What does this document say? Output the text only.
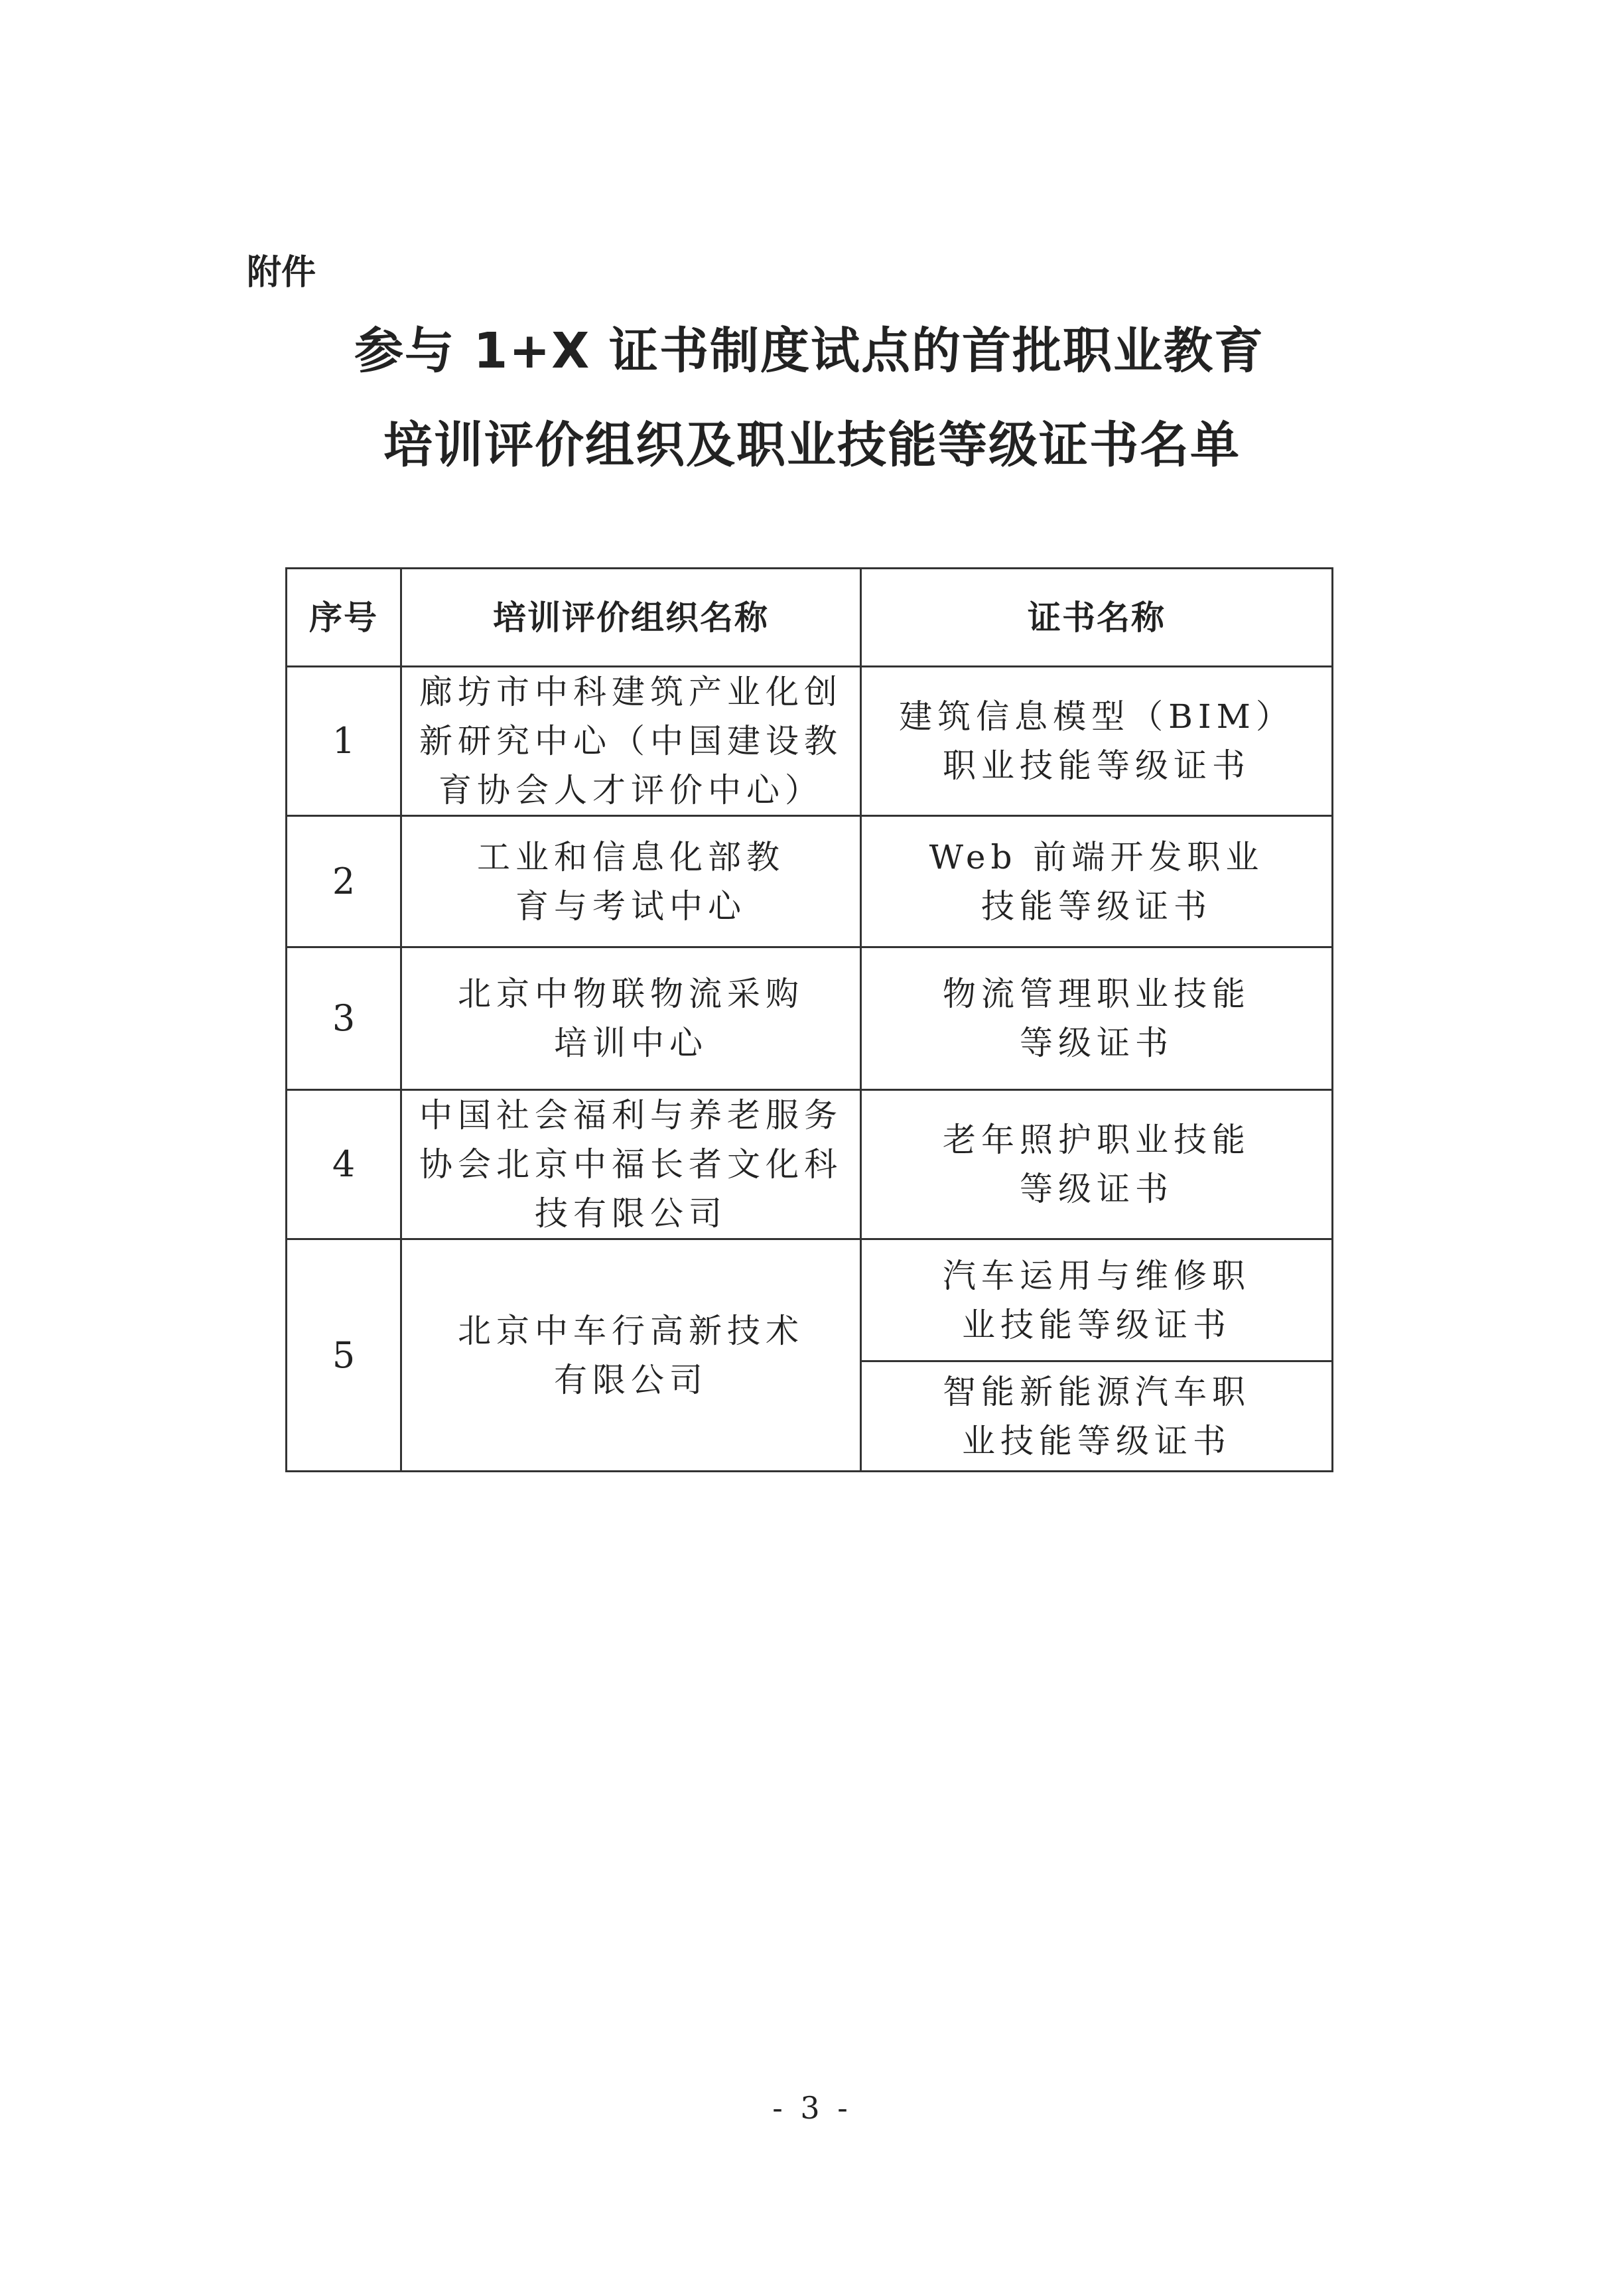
附件
参与 1+X 证书制度试点的首批职业教育
培训评价组织及职业技能等级证书名单
序号	培训评价组织名称	证书名称
1	廊坊市中科建筑产业化创新研究中心（中国建设教育协会人才评价中心）	建筑信息模型（BIM）职业技能等级证书
2	工业和信息化部教育与考试中心	Web 前端开发职业技能等级证书
3	北京中物联物流采购培训中心	物流管理职业技能等级证书
4	中国社会福利与养老服务协会北京中福长者文化科技有限公司	老年照护职业技能等级证书
5	北京中车行高新技术有限公司	汽车运用与维修职业技能等级证书
		智能新能源汽车职业技能等级证书
- 3 -
